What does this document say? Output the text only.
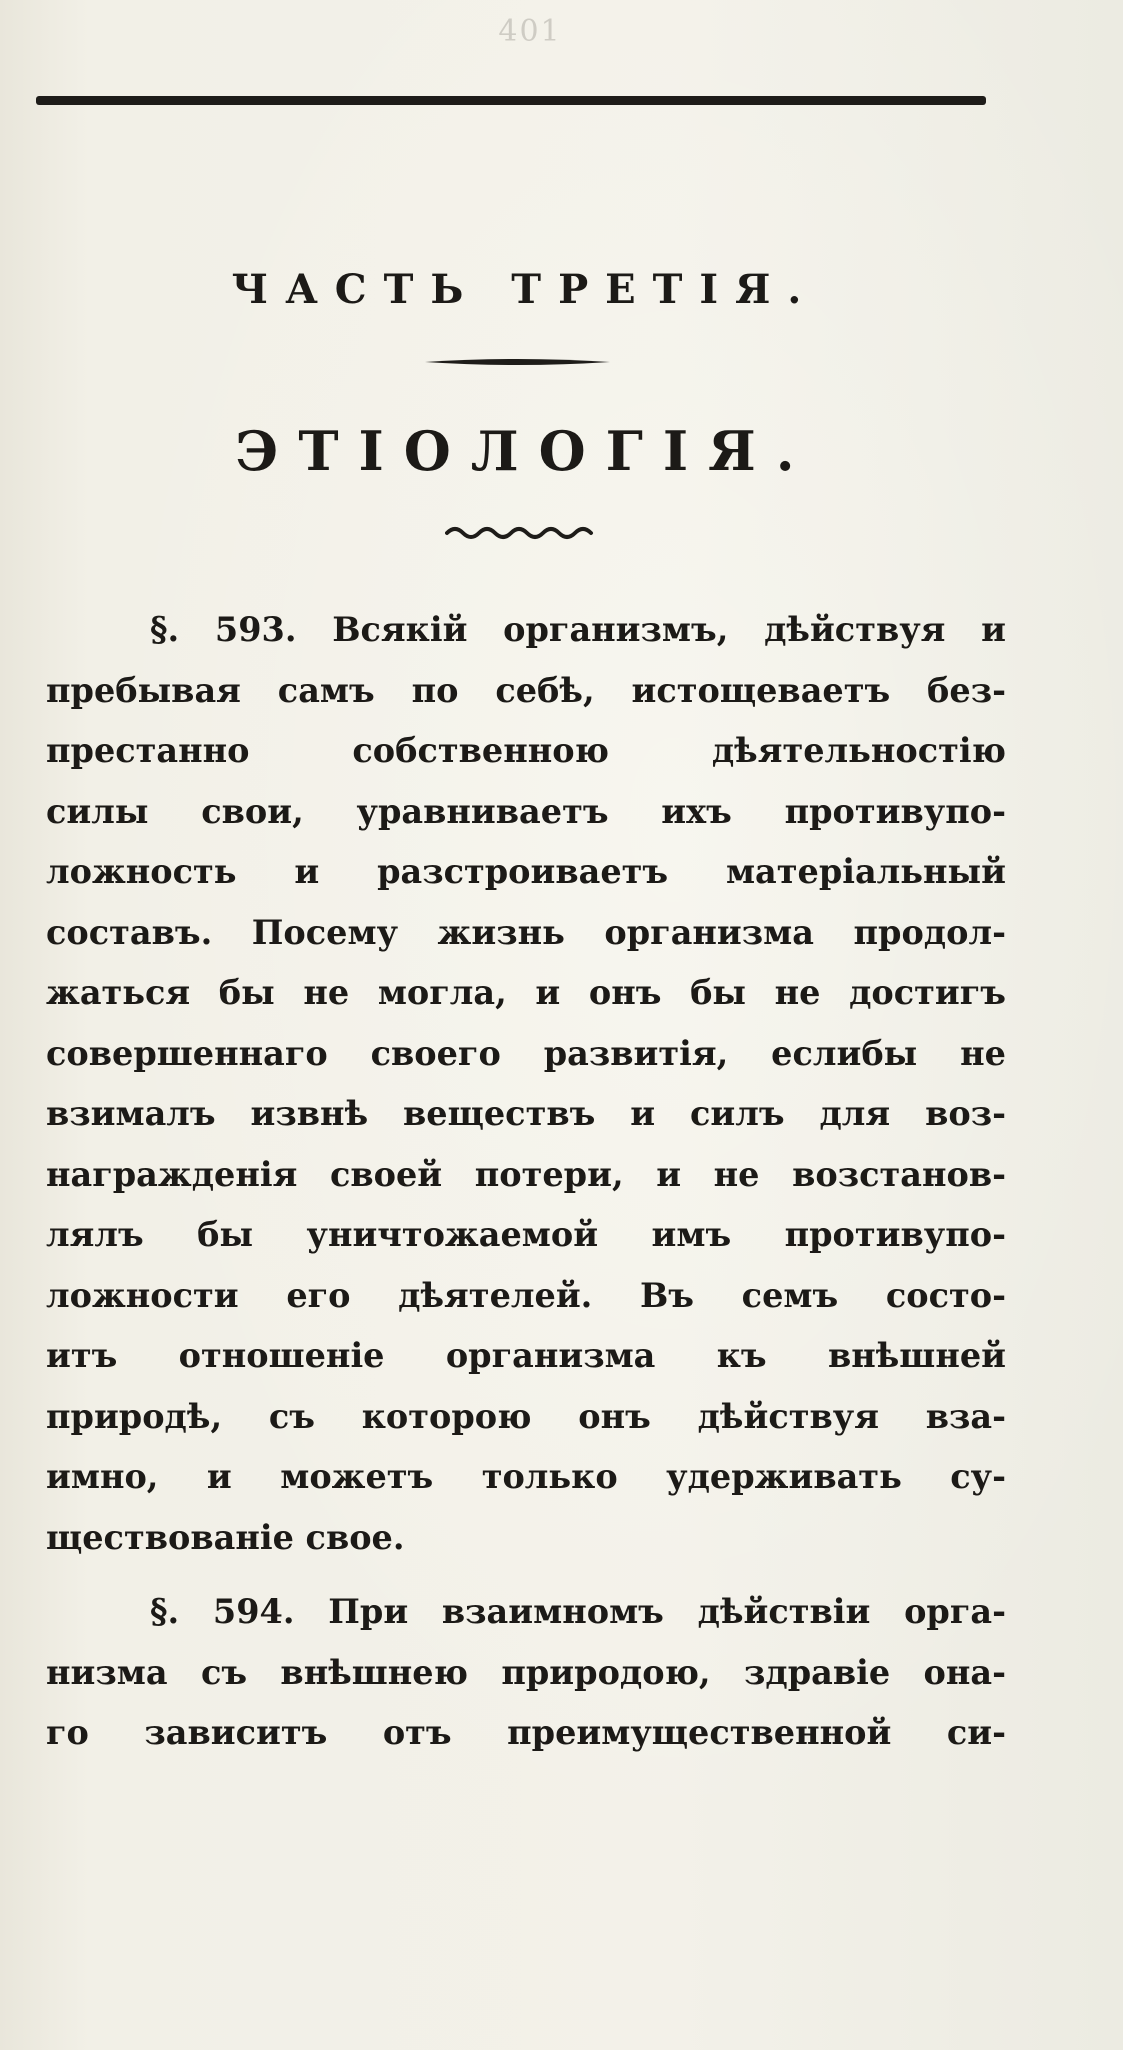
401
ЧАСТЬ ТРЕТІЯ.
ЭТІОЛОГІЯ.
§. 593. Всякій организмъ, дѣйствуя и
пребывая самъ по себѣ, истощеваетъ без-
престанно собственною дѣятельностію
силы свои, уравниваетъ ихъ противупо-
ложность и разстроиваетъ матеріальный
составъ. Посему жизнь организма продол-
жаться бы не могла, и онъ бы не достигъ
совершеннаго своего развитія, еслибы не
взималъ извнѣ веществъ и силъ для воз-
награжденія своей потери, и не возстанов-
лялъ бы уничтожаемой имъ противупо-
ложности его дѣятелей. Въ семъ состо-
итъ отношеніе организма къ внѣшней
природѣ, съ которою онъ дѣйствуя вза-
имно, и можетъ только удерживать су-
ществованіе свое.
§. 594. При взаимномъ дѣйствіи орга-
низма съ внѣшнею природою, здравіе она-
го зависитъ отъ преимущественной си-
